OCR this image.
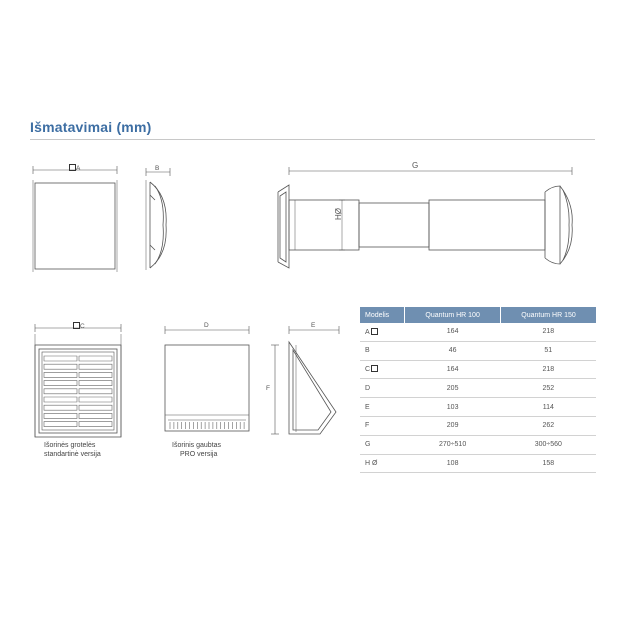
Išmatavimai (mm)
A	B	G
HØ
C	D	E
F
Išorinės grotelės
standartinė versija
Išorinis gaubtas
PRO versija
Modelis	Quantum HR 100	Quantum HR 150
A	164	218
B	46	51
C	164	218
D	205	252
E	103	114
F	209	262
G	270÷510	300÷560
H Ø	108	158
